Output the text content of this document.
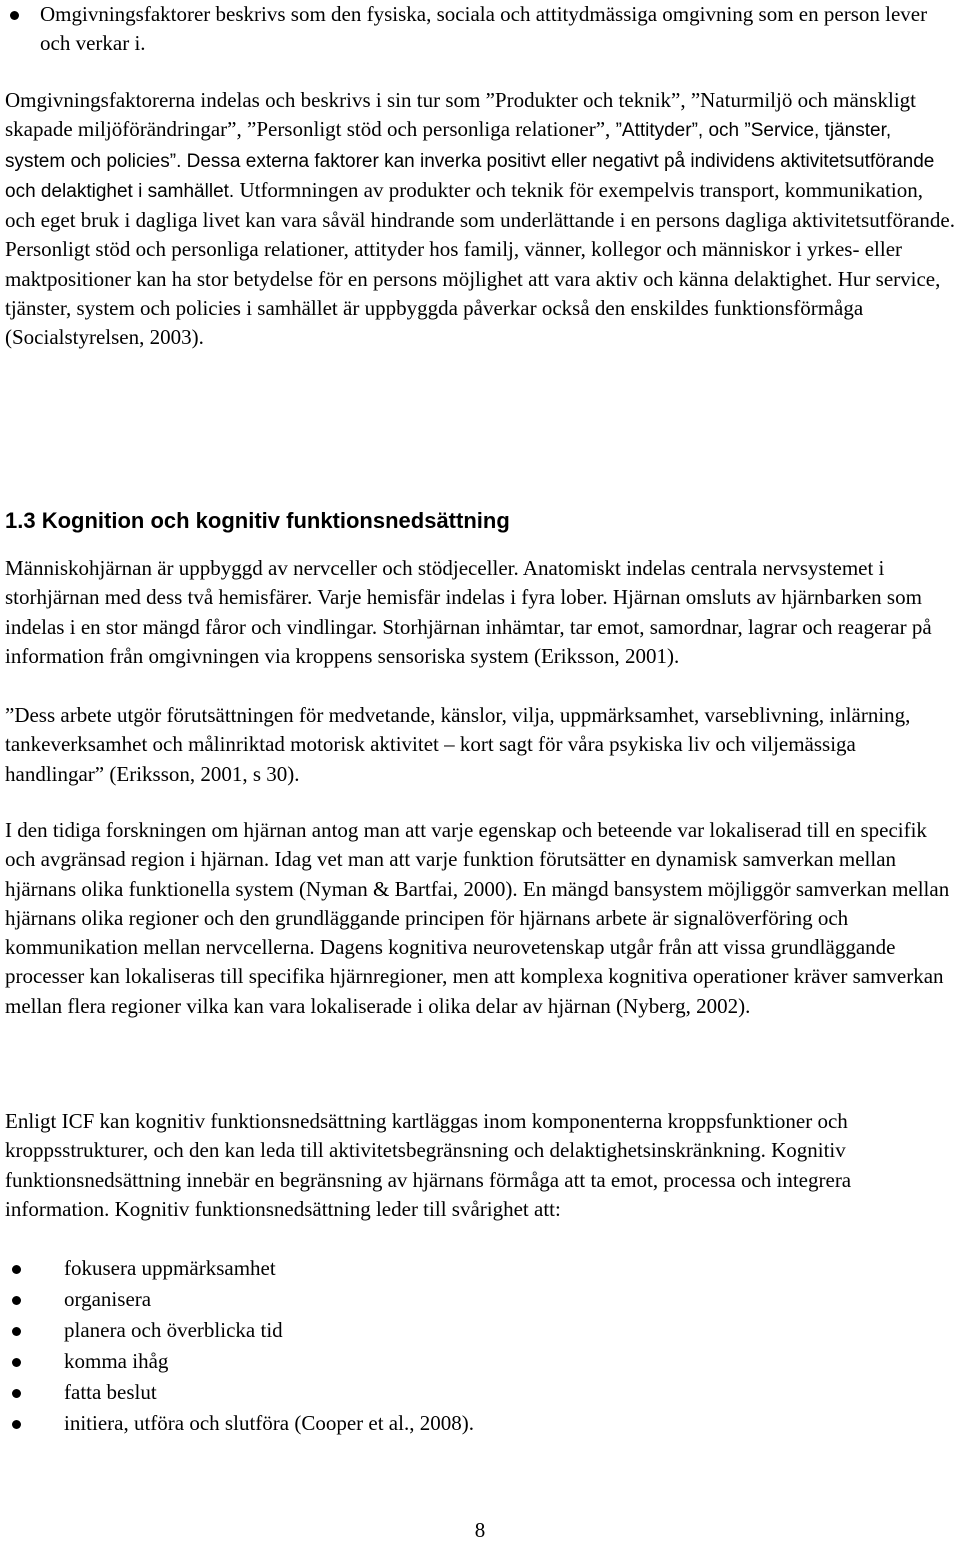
Omgivningsfaktorer beskrivs som den fysiska, sociala och attitydmässiga omgivning som en person lever och verkar i.

Omgivningsfaktorerna indelas och beskrivs i sin tur som ”Produkter och teknik”, ”Naturmiljö och mänskligt skapade miljöförändringar”, ”Personligt stöd och personliga relationer”, ”Attityder”, och ”Service, tjänster, system och policies”. Dessa externa faktorer kan inverka positivt eller negativt på individens aktivitetsutförande och delaktighet i samhället. Utformningen av produkter och teknik för exempelvis transport, kommunikation, och eget bruk i dagliga livet kan vara såväl hindrande som underlättande i en persons dagliga aktivitetsutförande. Personligt stöd och personliga relationer, attityder hos familj, vänner, kollegor och människor i yrkes- eller maktpositioner kan ha stor betydelse för en persons möjlighet att vara aktiv och känna delaktighet. Hur service, tjänster, system och policies i samhället är uppbyggda påverkar också den enskildes funktionsförmåga (Socialstyrelsen, 2003).

1.3 Kognition och kognitiv funktionsnedsättning

Människohjärnan är uppbyggd av nervceller och stödjeceller. Anatomiskt indelas centrala nervsystemet i storhjärnan med dess två hemisfärer. Varje hemisfär indelas i fyra lober. Hjärnan omsluts av hjärnbarken som indelas i en stor mängd fåror och vindlingar. Storhjärnan inhämtar, tar emot, samordnar, lagrar och reagerar på information från omgivningen via kroppens sensoriska system (Eriksson, 2001).

”Dess arbete utgör förutsättningen för medvetande, känslor, vilja, uppmärksamhet, varseblivning, inlärning, tankeverksamhet och målinriktad motorisk aktivitet – kort sagt för våra psykiska liv och viljemässiga handlingar” (Eriksson, 2001, s 30).

I den tidiga forskningen om hjärnan antog man att varje egenskap och beteende var lokaliserad till en specifik och avgränsad region i hjärnan. Idag vet man att varje funktion förutsätter en dynamisk samverkan mellan hjärnans olika funktionella system (Nyman & Bartfai, 2000). En mängd bansystem möjliggör samverkan mellan hjärnans olika regioner och den grundläggande principen för hjärnans arbete är signalöverföring och kommunikation mellan nervcellerna. Dagens kognitiva neurovetenskap utgår från att vissa grundläggande processer kan lokaliseras till specifika hjärnregioner, men att komplexa kognitiva operationer kräver samverkan mellan flera regioner vilka kan vara lokaliserade i olika delar av hjärnan (Nyberg, 2002).

Enligt ICF kan kognitiv funktionsnedsättning kartläggas inom komponenterna kroppsfunktioner och kroppsstrukturer, och den kan leda till aktivitetsbegränsning och delaktighetsinskränkning. Kognitiv funktionsnedsättning innebär en begränsning av hjärnans förmåga att ta emot, processa och integrera information. Kognitiv funktionsnedsättning leder till svårighet att:

fokusera uppmärksamhet
organisera
planera och överblicka tid
komma ihåg
fatta beslut
initiera, utföra och slutföra (Cooper et al., 2008).
8
